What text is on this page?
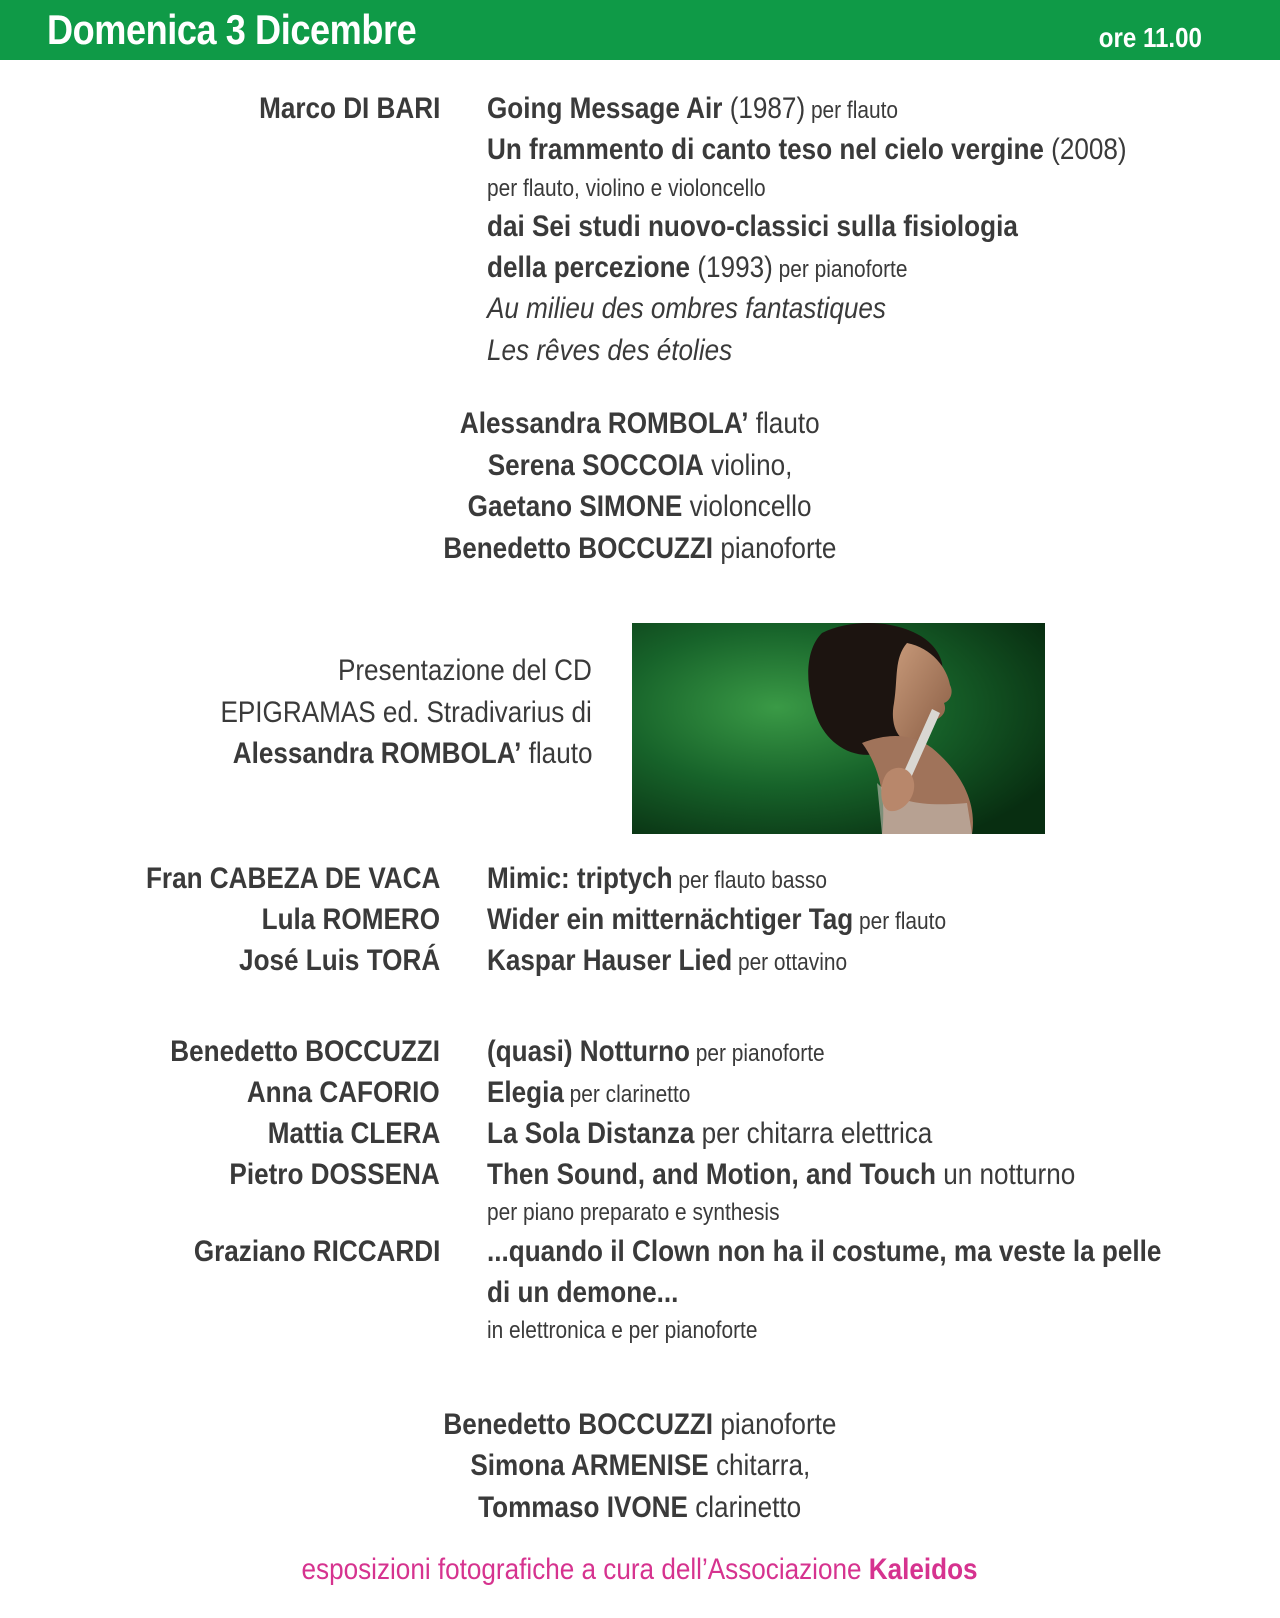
Domenica 3 Dicembre	ore 11.00
Marco DI BARI Going Message Air (1987) per flauto
Un frammento di canto teso nel cielo vergine (2008)
per flauto, violino e violoncello
dai Sei studi nuovo-classici sulla fisiologia
della percezione (1993) per pianoforte
Au milieu des ombres fantastiques
Les rêves des étolies
Alessandra ROMBOLA’ flauto
Serena SOCCOIA violino,
Gaetano SIMONE violoncello
Benedetto BOCCUZZI pianoforte
Presentazione del CD
EPIGRAMAS ed. Stradivarius di
Alessandra ROMBOLA’ flauto
Fran CABEZA DE VACA Mimic: triptych per flauto basso
Lula ROMERO Wider ein mitternächtiger Tag per flauto
José Luis TORÁ Kaspar Hauser Lied per ottavino
Benedetto BOCCUZZI (quasi) Notturno per pianoforte
Anna CAFORIO Elegia per clarinetto
Mattia CLERA La Sola Distanza per chitarra elettrica
Pietro DOSSENA Then Sound, and Motion, and Touch un notturno
per piano preparato e synthesis
Graziano RICCARDI ...quando il Clown non ha il costume, ma veste la pelle
di un demone...
in elettronica e per pianoforte
Benedetto BOCCUZZI pianoforte
Simona ARMENISE chitarra,
Tommaso IVONE clarinetto
esposizioni fotografiche a cura dell’Associazione Kaleidos
